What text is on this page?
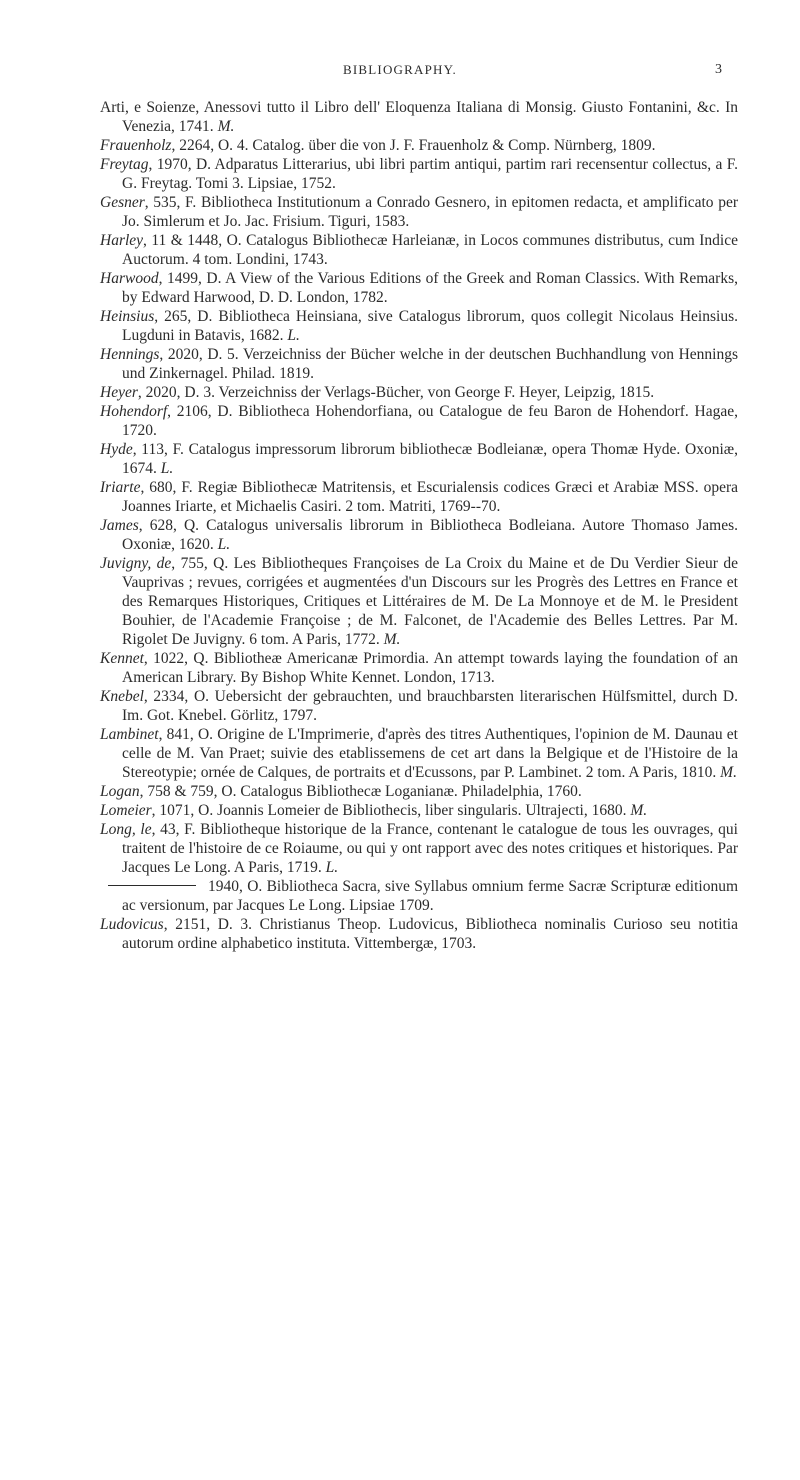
BIBLIOGRAPHY.	3

Arti, e Soienze, Anessovi tutto il Libro dell' Eloquenza Italiana di Monsig. Giusto Fontanini, &c. In Venezia, 1741. M.

Frauenholz, 2264, O. 4. Catalog. über die von J. F. Frauenholz & Comp. Nürnberg, 1809.

Freytag, 1970, D. Adparatus Litterarius, ubi libri partim antiqui, partim rari recensentur collectus, a F. G. Freytag. Tomi 3. Lipsiae, 1752.

Gesner, 535, F. Bibliotheca Institutionum a Conrado Gesnero, in epitomen redacta, et amplificato per Jo. Simlerum et Jo. Jac. Frisium. Tiguri, 1583.

Harley, 11 & 1448, O. Catalogus Bibliothecæ Harleianæ, in Locos communes distributus, cum Indice Auctorum. 4 tom. Londini, 1743.

Harwood, 1499, D. A View of the Various Editions of the Greek and Roman Classics. With Remarks, by Edward Harwood, D. D. London, 1782.

Heinsius, 265, D. Bibliotheca Heinsiana, sive Catalogus librorum, quos collegit Nicolaus Heinsius. Lugduni in Batavis, 1682. L.

Hennings, 2020, D. 5. Verzeichniss der Bücher welche in der deutschen Buchhandlung von Hennings und Zinkernagel. Philad. 1819.

Heyer, 2020, D. 3. Verzeichniss der Verlags-Bücher, von George F. Heyer, Leipzig, 1815.

Hohendorf, 2106, D. Bibliotheca Hohendorfiana, ou Catalogue de feu Baron de Hohendorf. Hagae, 1720.

Hyde, 113, F. Catalogus impressorum librorum bibliothecæ Bodleianæ, opera Thomæ Hyde. Oxoniæ, 1674. L.

Iriarte, 680, F. Regiæ Bibliothecæ Matritensis, et Escurialensis codices Græci et Arabiæ MSS. opera Joannes Iriarte, et Michaelis Casiri. 2 tom. Matriti, 1769--70.

James, 628, Q. Catalogus universalis librorum in Bibliotheca Bodleiana. Autore Thomaso James. Oxoniæ, 1620. L.

Juvigny, de, 755, Q. Les Bibliotheques Françoises de La Croix du Maine et de Du Verdier Sieur de Vauprivas ; revues, corrigées et augmentées d'un Discours sur les Progrès des Lettres en France et des Remarques Historiques, Critiques et Littéraires de M. De La Monnoye et de M. le President Bouhier, de l'Academie Françoise ; de M. Falconet, de l'Academie des Belles Lettres. Par M. Rigolet De Juvigny. 6 tom. A Paris, 1772. M.

Kennet, 1022, Q. Bibliotheæ Americanæ Primordia. An attempt towards laying the foundation of an American Library. By Bishop White Kennet. London, 1713.

Knebel, 2334, O. Uebersicht der gebrauchten, und brauchbarsten literarischen Hülfsmittel, durch D. Im. Got. Knebel. Görlitz, 1797.

Lambinet, 841, O. Origine de L'Imprimerie, d'après des titres Authentiques, l'opinion de M. Daunau et celle de M. Van Praet; suivie des etablissemens de cet art dans la Belgique et de l'Histoire de la Stereotypie; ornée de Calques, de portraits et d'Ecussons, par P. Lambinet. 2 tom. A Paris, 1810. M.

Logan, 758 & 759, O. Catalogus Bibliothecæ Loganianæ. Philadelphia, 1760.

Lomeier, 1071, O. Joannis Lomeier de Bibliothecis, liber singularis. Ultrajecti, 1680. M.

Long, le, 43, F. Bibliotheque historique de la France, contenant le catalogue de tous les ouvrages, qui traitent de l'histoire de ce Roiaume, ou qui y ont rapport avec des notes critiques et historiques. Par Jacques Le Long. A Paris, 1719. L.

1940, O. Bibliotheca Sacra, sive Syllabus omnium ferme Sacræ Scripturæ editionum ac versionum, par Jacques Le Long. Lipsiae 1709.

Ludovicus, 2151, D. 3. Christianus Theop. Ludovicus, Bibliotheca nominalis Curioso seu notitia autorum ordine alphabetico instituta. Vittembergæ, 1703.
